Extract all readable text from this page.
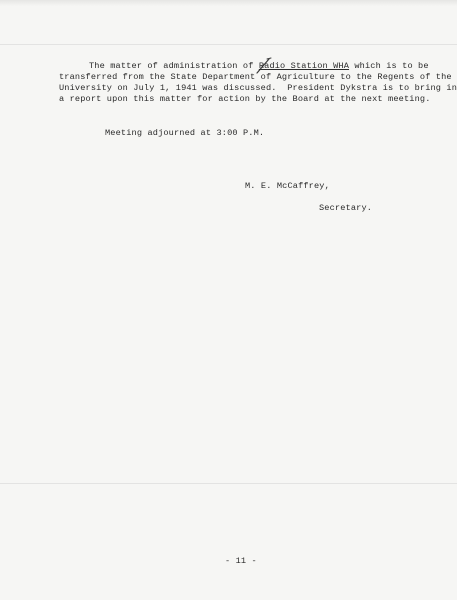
The matter of administration of Radio Station WHA which is to be

transferred from the State Department of Agriculture to the Regents of the

University on July 1, 1941 was discussed.  President Dykstra is to bring in

a report upon this matter for action by the Board at the next meeting.

Meeting adjourned at 3:00 P.M.
M. E. McCaffrey,
Secretary.
- 11 -
